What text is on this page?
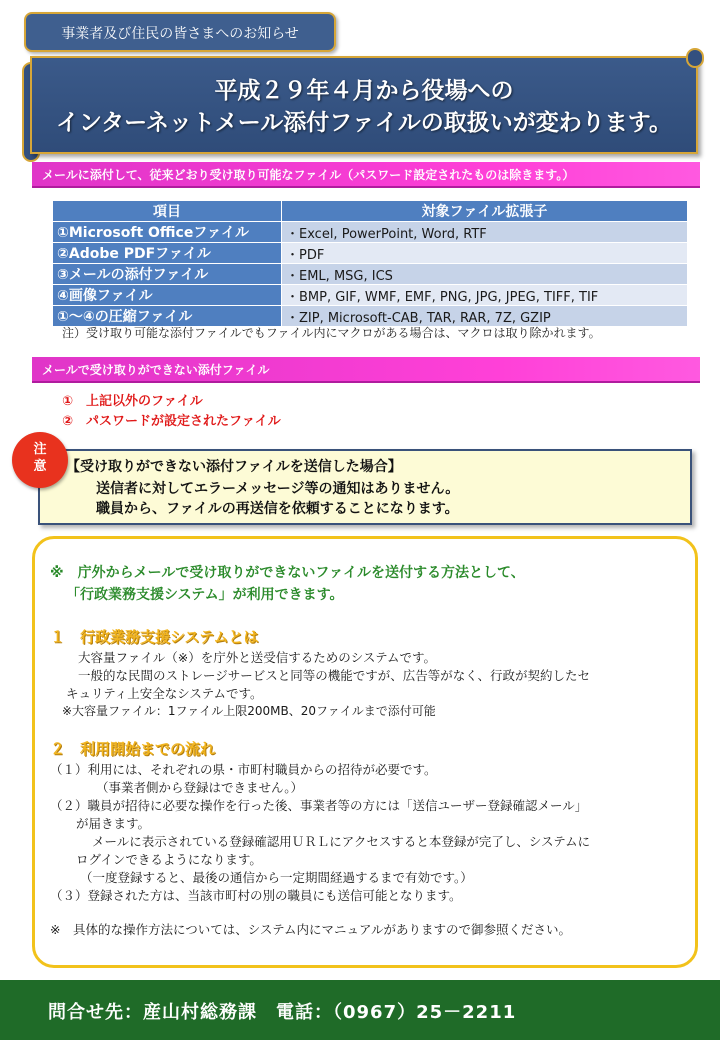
事業者及び住民の皆さまへのお知らせ
平成２９年４月から役場への
インターネットメール添付ファイルの取扱いが変わります。
メールに添付して、従来どおり受け取り可能なファイル（パスワード設定されたものは除きます。）
項目	対象ファイル拡張子
①Microsoft Officeファイル	・Excel, PowerPoint, Word, RTF
②Adobe PDFファイル	・PDF
③メールの添付ファイル	・EML, MSG, ICS
④画像ファイル	・BMP, GIF, WMF, EMF, PNG, JPG, JPEG, TIFF, TIF
①～④の圧縮ファイル	・ZIP, Microsoft-CAB, TAR, RAR, 7Z, GZIP
注）受け取り可能な添付ファイルでもファイル内にマクロがある場合は、マクロは取り除かれます。
メールで受け取りができない添付ファイル
①　上記以外のファイル
②　パスワードが設定されたファイル
注
意	【受け取りができない添付ファイルを送信した場合】
送信者に対してエラーメッセージ等の通知はありません。
職員から、ファイルの再送信を依頼することになります。
※　庁外からメールで受け取りができないファイルを送付する方法として、
「行政業務支援システム」が利用できます。
１　行政業務支援システムとは
大容量ファイル（※）を庁外と送受信するためのシステムです。
一般的な民間のストレージサービスと同等の機能ですが、広告等がなく、行政が契約したセ
キュリティ上安全なシステムです。
※大容量ファイル：1ファイル上限200MB、20ファイルまで添付可能
２　利用開始までの流れ
（１）利用には、それぞれの県・市町村職員からの招待が必要です。
（事業者側から登録はできません。）
（２）職員が招待に必要な操作を行った後、事業者等の方には「送信ユーザー登録確認メール」
が届きます。
メールに表示されている登録確認用ＵＲＬにアクセスすると本登録が完了し、システムに
ログインできるようになります。
（一度登録すると、最後の通信から一定期間経過するまで有効です。）
（３）登録された方は、当該市町村の別の職員にも送信可能となります。
※　具体的な操作方法については、システム内にマニュアルがありますので御参照ください。
問合せ先：産山村総務課　電話：（0967）25－2211
